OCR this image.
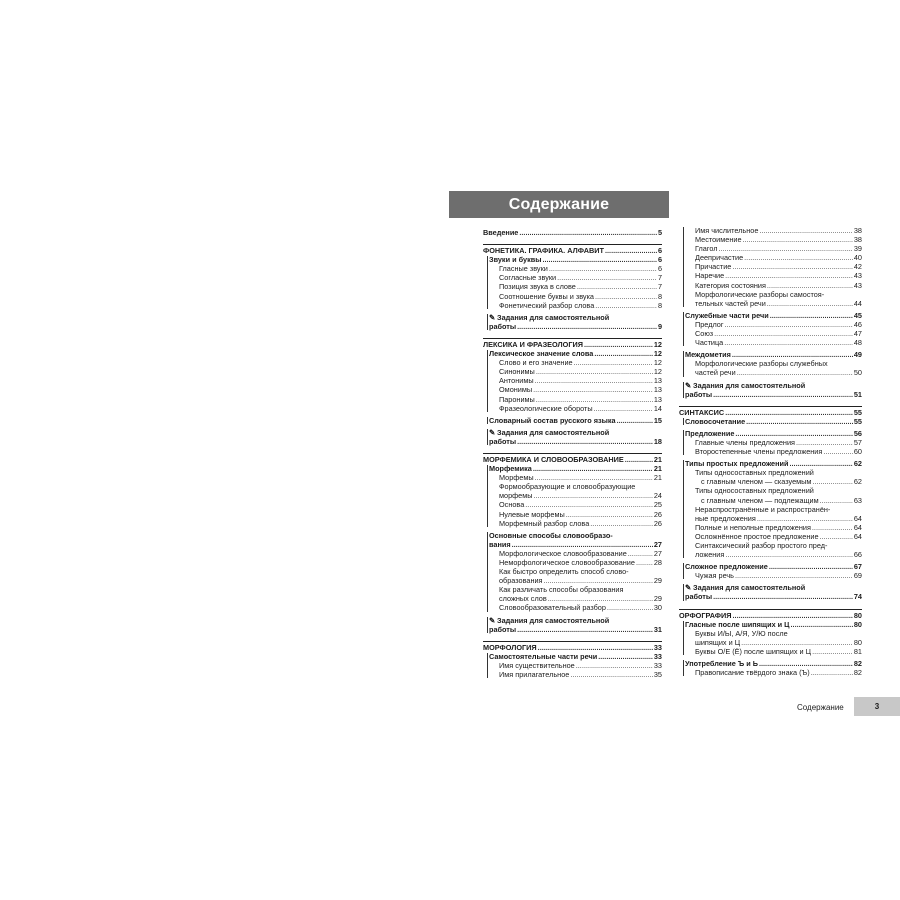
Содержание
Введение .....	5
ФОНЕТИКА. ГРАФИКА. АЛФАВИТ .....	6
Звуки и буквы .....	6
Гласные звуки .....	6
Согласные звуки .....	7
Позиция звука в слове .....	7
Соотношение буквы и звука .....	8
Фонетический разбор слова .....	8
✎ Задания для самостоятельной
работы .....	9
ЛЕКСИКА И ФРАЗЕОЛОГИЯ .....	12
Лексическое значение слова .....	12
Слово и его значение .....	12
Синонимы .....	12
Антонимы .....	13
Омонимы .....	13
Паронимы .....	13
Фразеологические обороты .....	14
Словарный состав русского языка .....	15
✎ Задания для самостоятельной
работы .....	18
МОРФЕМИКА И СЛОВООБРАЗОВАНИЕ .....	21
Морфемика .....	21
Морфемы .....	21
Формообразующие и словообразующие
морфемы .....	24
Основа .....	25
Нулевые морфемы .....	26
Морфемный разбор слова .....	26
Основные способы словообразо-
вания .....	27
Морфологическое словообразование .....	27
Неморфологическое словообразование .....	28
Как быстро определить способ слово-
образования .....	29
Как различать способы образования
сложных слов .....	29
Словообразовательный разбор .....	30
✎ Задания для самостоятельной
работы .....	31
МОРФОЛОГИЯ .....	33
Самостоятельные части речи .....	33
Имя существительное .....	33
Имя прилагательное .....	35
Имя числительное .....	38
Местоимение .....	38
Глагол .....	39
Деепричастие .....	40
Причастие .....	42
Наречие .....	43
Категория состояния .....	43
Морфологические разборы самостоя-
тельных частей речи .....	44
Служебные части речи .....	45
Предлог .....	46
Союз .....	47
Частица .....	48
Междометия .....	49
Морфологические разборы служебных
частей речи .....	50
✎ Задания для самостоятельной
работы .....	51
СИНТАКСИС .....	55
Словосочетание .....	55
Предложение .....	56
Главные члены предложения .....	57
Второстепенные члены предложения .....	60
Типы простых предложений .....	62
Типы односоставных предложений
с главным членом — сказуемым .....	62
Типы односоставных предложений
с главным членом — подлежащим .....	63
Нераспространённые и распространён-
ные предложения .....	64
Полные и неполные предложения .....	64
Осложнённое простое предложение .....	64
Синтаксический разбор простого пред-
ложения .....	66
Сложное предложение .....	67
Чужая речь .....	69
✎ Задания для самостоятельной
работы .....	74
ОРФОГРАФИЯ .....	80
Гласные после шипящих и Ц .....	80
Буквы И/Ы, А/Я, У/Ю после
шипящих и Ц .....	80
Буквы О/Е (Ё) после шипящих и Ц .....	81
Употребление Ъ и Ь .....	82
Правописание твёрдого знака (Ъ) .....	82
Содержание	3
